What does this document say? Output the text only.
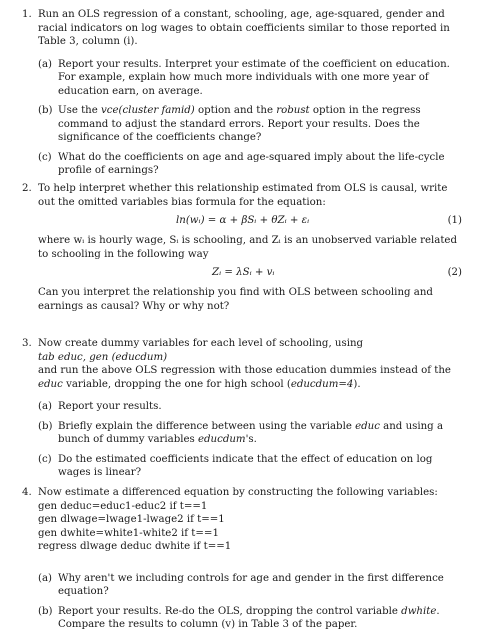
1. Run an OLS regression of a constant, schooling, age, age-squared, gender and racial indicators on log wages to obtain coefficients similar to those reported in Table 3, column (i).
(a) Report your results. Interpret your estimate of the coefficient on education. For example, explain how much more individuals with one more year of education earn, on average.
(b) Use the vce(cluster famid) option and the robust option in the regress command to adjust the standard errors. Report your results. Does the significance of the coefficients change?
(c) What do the coefficients on age and age-squared imply about the life-cycle profile of earnings?
2. To help interpret whether this relationship estimated from OLS is causal, write out the omitted variables bias formula for the equation:
ln(wᵢ) = α + βSᵢ + θZᵢ + εᵢ	(1)
where wᵢ is hourly wage, Sᵢ is schooling, and Zᵢ is an unobserved variable related to schooling in the following way
Zᵢ = λSᵢ + vᵢ	(2)
Can you interpret the relationship you find with OLS between schooling and earnings as causal? Why or why not?
3. Now create dummy variables for each level of schooling, using
tab educ, gen (educdum)
and run the above OLS regression with those education dummies instead of the educ variable, dropping the one for high school (educdum=4).
(a) Report your results.
(b) Briefly explain the difference between using the variable educ and using a bunch of dummy variables educdum's.
(c) Do the estimated coefficients indicate that the effect of education on log wages is linear?
4. Now estimate a differenced equation by constructing the following variables:
gen deduc=educ1-educ2 if t==1
gen dlwage=lwage1-lwage2 if t==1
gen dwhite=white1-white2 if t==1
regress dlwage deduc dwhite if t==1
(a) Why aren't we including controls for age and gender in the first difference equation?
(b) Report your results. Re-do the OLS, dropping the control variable dwhite. Compare the results to column (v) in Table 3 of the paper.
